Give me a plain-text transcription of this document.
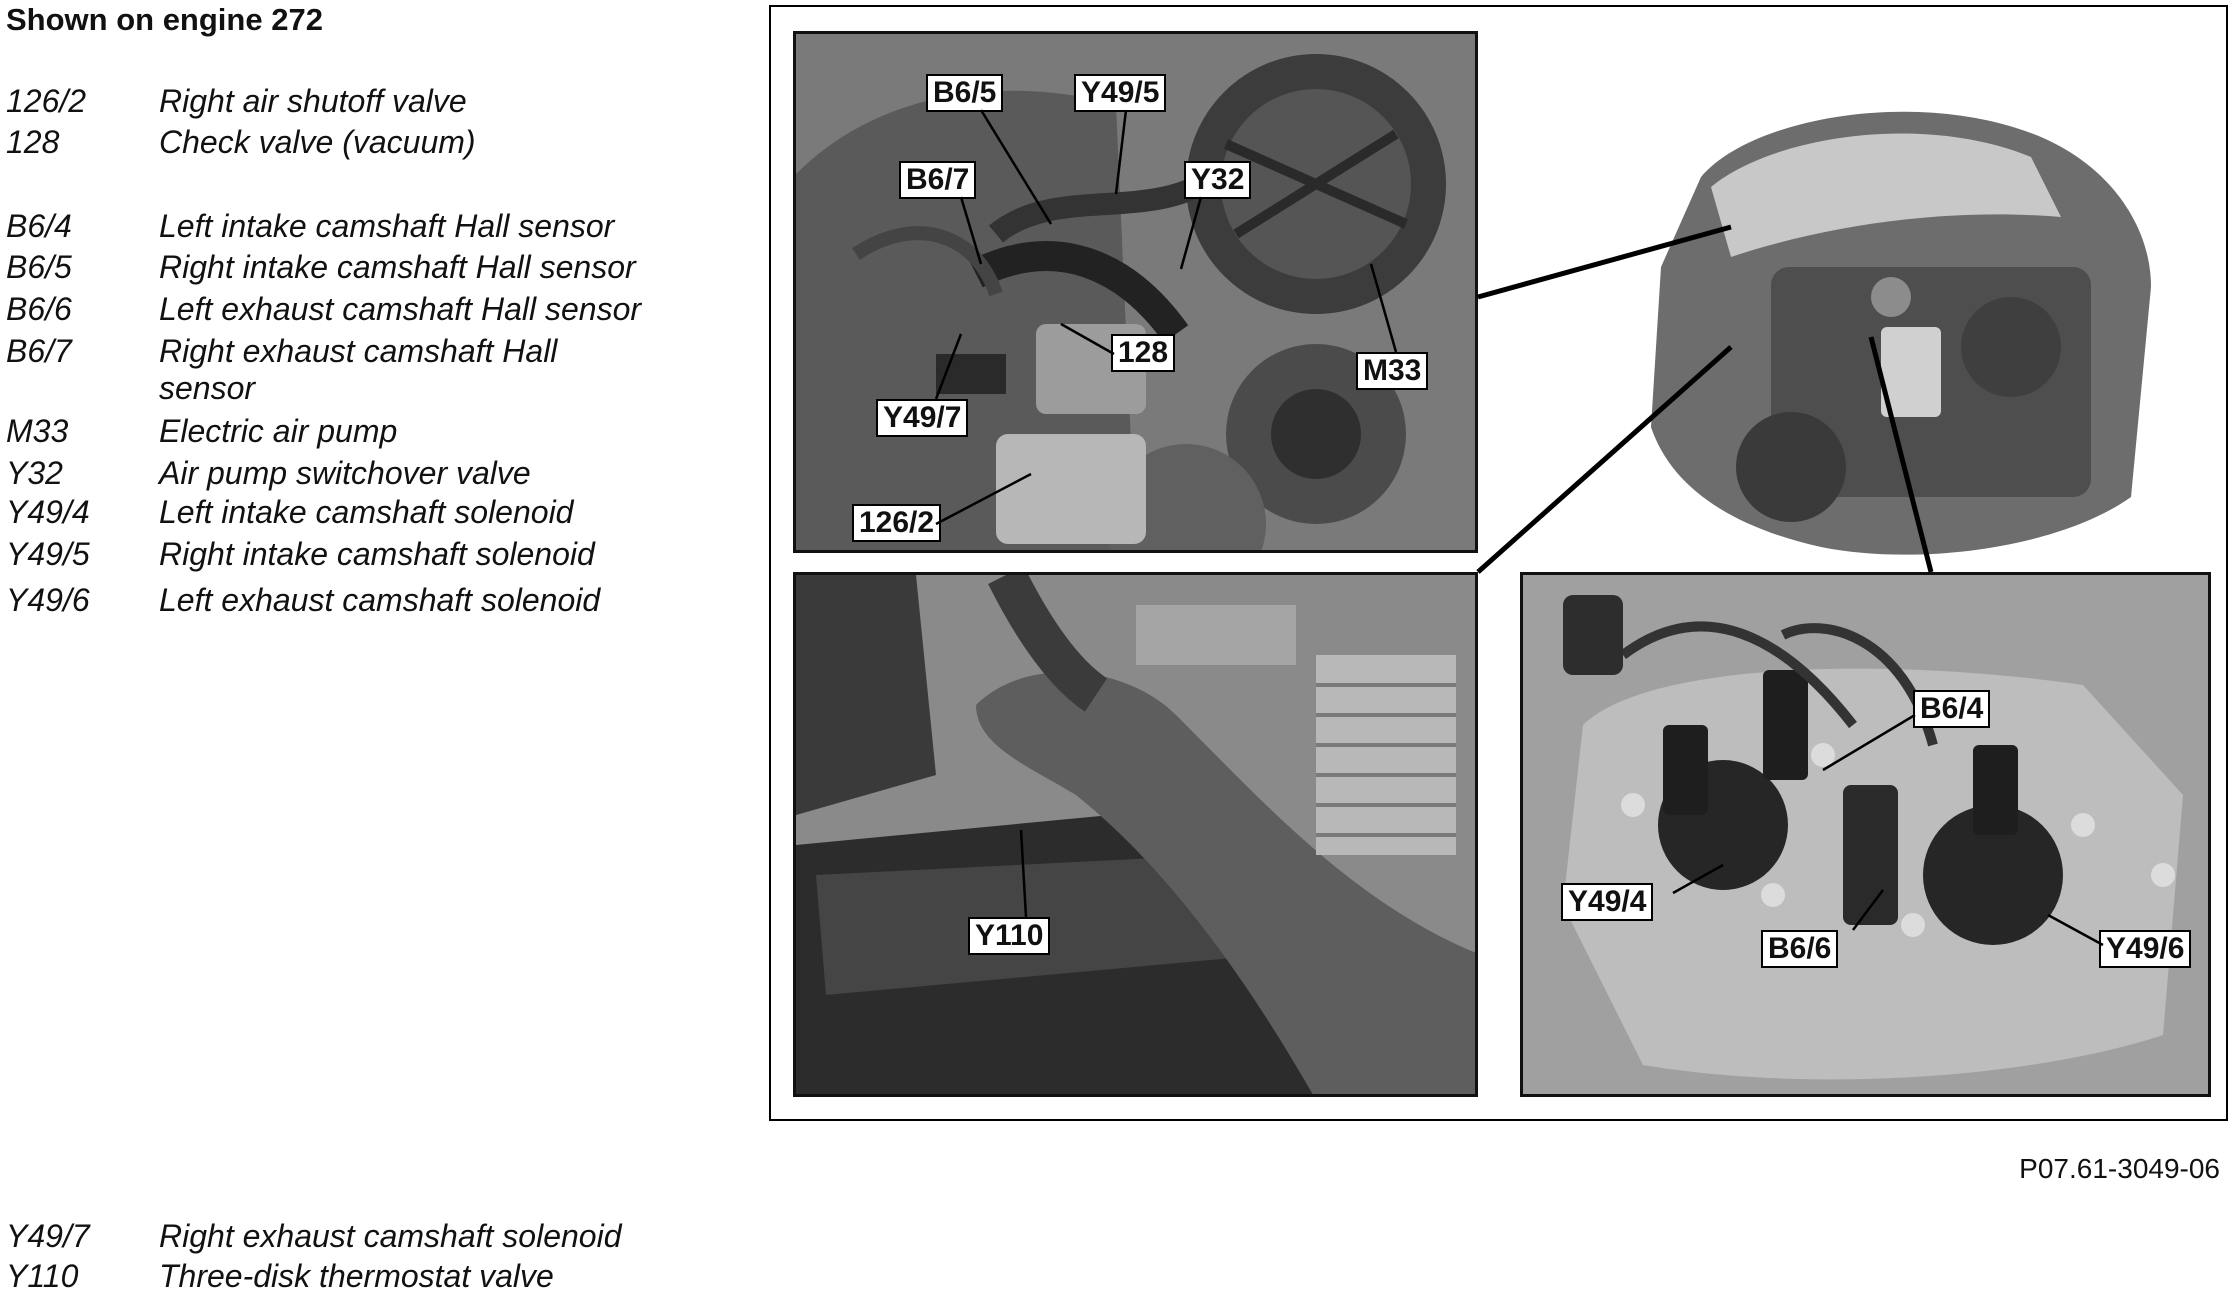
Shown on engine 272
126/2	Right air shutoff valve
128	Check valve (vacuum)
B6/4	Left intake camshaft Hall sensor
B6/5	Right intake camshaft Hall sensor
B6/6	Left exhaust camshaft Hall sensor
B6/7	Right exhaust camshaft Hall sensor
M33	Electric air pump
Y32	Air pump switchover valve
Y49/4	Left intake camshaft solenoid
Y49/5	Right intake camshaft solenoid
Y49/6	Left exhaust camshaft solenoid
Y49/7	Right exhaust camshaft solenoid
Y110	Three-disk thermostat valve
B6/5	Y49/5
B6/7	Y32
128
M33
Y49/7
126/2
Y110
B6/4
Y49/4
B6/6	Y49/6
P07.61-3049-06
